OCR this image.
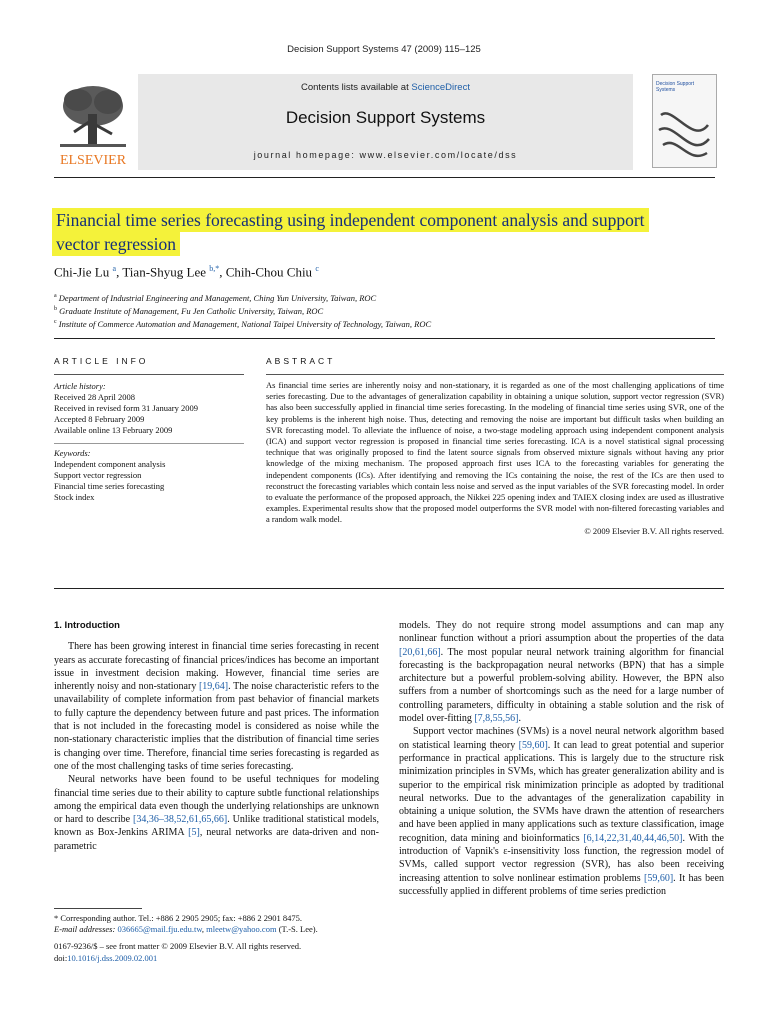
Decision Support Systems 47 (2009) 115–125
ELSEVIER
Contents lists available at ScienceDirect
Decision Support Systems
journal homepage: www.elsevier.com/locate/dss
Decision Support Systems
Financial time series forecasting using independent component analysis and support
vector regression
Chi-Jie Lu $^a$, Tian-Shyug Lee $^{b,*}$, Chih-Chou Chiu $^c$
$^a$ Department of Industrial Engineering and Management, Ching Yun University, Taiwan, ROC
$^b$ Graduate Institute of Management, Fu Jen Catholic University, Taiwan, ROC
$^c$ Institute of Commerce Automation and Management, National Taipei University of Technology, Taiwan, ROC
ARTICLE INFO	ABSTRACT
Article history:
Received 28 April 2008
Received in revised form 31 January 2009
Accepted 8 February 2009
Available online 13 February 2009
Keywords:
Independent component analysis
Support vector regression
Financial time series forecasting
Stock index
As financial time series are inherently noisy and non-stationary, it is regarded as one of the most challenging applications of time series forecasting. Due to the advantages of generalization capability in obtaining a unique solution, support vector regression (SVR) has also been successfully applied in financial time series forecasting. In the modeling of financial time series using SVR, one of the key problems is the inherent high noise. Thus, detecting and removing the noise are important but difficult tasks when building an SVR forecasting model. To alleviate the influence of noise, a two-stage modeling approach using independent component analysis (ICA) and support vector regression is proposed in financial time series forecasting. ICA is a novel statistical signal processing technique that was originally proposed to find the latent source signals from observed mixture signals without having any prior knowledge of the mixing mechanism. The proposed approach first uses ICA to the forecasting variables for generating the independent components (ICs). After identifying and removing the ICs containing the noise, the rest of the ICs are then used to reconstruct the forecasting variables which contain less noise and served as the input variables of the SVR forecasting model. In order to evaluate the performance of the proposed approach, the Nikkei 225 opening index and TAIEX closing index are used as illustrative examples. Experimental results show that the proposed model outperforms the SVR model with non-filtered forecasting variables and a random walk model.
© 2009 Elsevier B.V. All rights reserved.
1. Introduction

There has been growing interest in financial time series forecasting in recent years as accurate forecasting of financial prices/indices has become an important issue in investment decision making. However, financial time series are inherently noisy and non-stationary [19,64]. The noise characteristic refers to the unavailability of complete information from past behavior of financial markets to fully capture the dependency between future and past prices. The information that is not included in the forecasting model is considered as noise while the non-stationary characteristic implies that the distribution of financial time series is changing over time. Therefore, financial time series forecasting is regarded as one of the most challenging tasks of time series forecasting.

Neural networks have been found to be useful techniques for modeling financial time series due to their ability to capture subtle functional relationships among the empirical data even though the underlying relationships are unknown or hard to describe [34,36–38,52,61,65,66]. Unlike traditional statistical models, known as Box-Jenkins ARIMA [5], neural networks are data-driven and non-parametric

models. They do not require strong model assumptions and can map any nonlinear function without a priori assumption about the properties of the data [20,61,66]. The most popular neural network training algorithm for financial forecasting is the backpropagation neural networks (BPN) that has a simple architecture but a powerful problem-solving ability. However, the BPN also suffers from a number of shortcomings such as the need for a large number of controlling parameters, difficulty in obtaining a stable solution and the risk of model over-fitting [7,8,55,56].

Support vector machines (SVMs) is a novel neural network algorithm based on statistical learning theory [59,60]. It can lead to great potential and superior performance in practical applications. This is largely due to the structure risk minimization principles in SVMs, which has greater generalization ability and is superior to the empirical risk minimization principle as adopted by traditional neural networks. Due to the advantages of the generalization capability in obtaining a unique solution, the SVMs have drawn the attention of researchers and have been applied in many applications such as texture classification, image recognition, data mining and bioinformatics [6,14,22,31,40,44,46,50]. With the introduction of Vapnik's ε-insensitivity loss function, the regression model of SVMs, called support vector regression (SVR), has also been receiving increasing attention to solve nonlinear estimation problems [59,60]. It has been successfully applied in different problems of time series prediction

* Corresponding author. Tel.: +886 2 2905 2905; fax: +886 2 2901 8475.
E-mail addresses: 036665@mail.fju.edu.tw, mleetw@yahoo.com (T.-S. Lee).
0167-9236/$ – see front matter © 2009 Elsevier B.V. All rights reserved.
doi:10.1016/j.dss.2009.02.001
